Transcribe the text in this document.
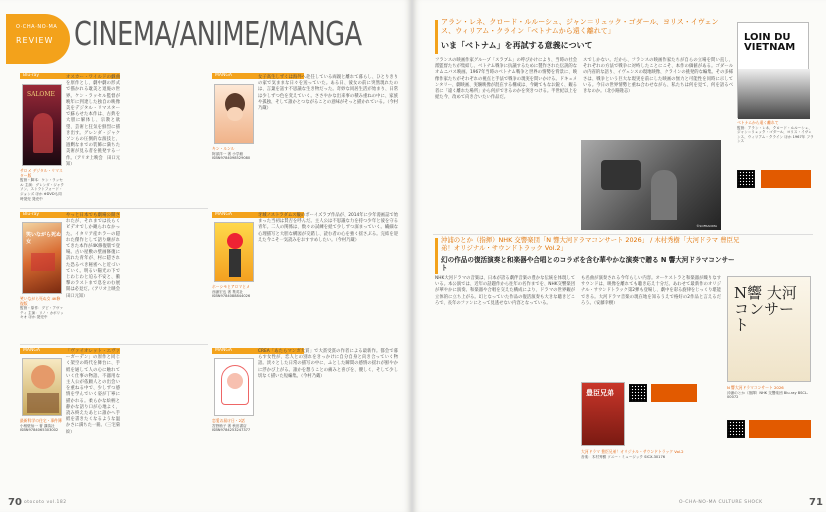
O·CHA·NO·MA
REVIEW CINEMA/ANIME/MANGA
Blu-ray
SALOME
サロメ デジタル・リマスター版
監督・脚本：ケン・ラッセル 主演：グレンダ・ジャクソン、ストラトフォード・ジョンズ ほか ※DVDも同時発売 発売中
オスカー・ワイルドの戯曲を原作とし、劇中劇の形式で描かれる耽美と退廃の世界。ケン・ラッセル監督が晩年に到達した独自の映像美をデジタル・リマスターで蘇らせた本作は、古典を大胆に解体し、宗教と欲望、芸術と狂気を鮮烈に描き出す。グレンダ・ジャクソンらの圧倒的な演技と、過剰なまでの装飾に満ちた美術が見る者を挑発する一作。（アリオ上映会　田口元知）
Blu-ray
笑いながら死ぬ女
笑いながら死ぬ女 4K修復版
監督・原作：プピ・アヴァティ 主演：リノ・カポリッキオ ほか 発売中
やっと日本でも劇場公開されたが、それまでは長らくビデオでしか観られなかった。イタリア産ホラーの隠れた傑作として語り継がれてきた本作が4K修復版で登場。古い屋敷の壁画修復に訪れた青年が、村に隠された恐るべき秘密へと近づいていく。明るい陽光の下でじわじわと迫る不安と、衝撃のラストまで息をのむ展開は必見だ。（アリオ上映会　田口元知）
MANGA
最新科学の住宅・事件簿
小相壁仙一 著 講談社 ISBN9784065303002
「ヴァイオレット・エヴァーガーデン」の原作と同じく架空の時代を舞台に、手紙を通して人の心に触れていく仕事の物語。不器用な主人公が依頼人との出会いを重ねる中で、少しずつ感情を学んでいく姿が丁寧に描かれる。柔らかな絵柄と静かな語り口が心地よく、読み終えたあとに誰かへ手紙を書きたくなるような温かさに満ちた一冊。（三宅菊絵）
MANGA
キン・ルンル
阿部洋一 著 小学館 ISBN9784098529080
女子高生しずくは海外へ赴任している両親と離れて暮らし、ひとりきりの家で気ままな日々を送っていた。ある日、彼女の前に突然現れたのは、言葉を話す不思議な生き物だった。奇妙な同居生活が始まり、日常は少しずつ色を変えていく。ささやかな出来事の積み重ねの中に、家族や孤独、そして誰かとつながることの意味がそっと描かれている。（今村乃蔵）
MANGA
ホーシモとアロマとメ
西浦宏也 著 集英社 ISBN9784088844026
牙城ノストラダムス級のボーイズラブ作品が、2014年に少年漫画誌で始まった当初は賛否を呼んだ。主人公は不思議な力を持つ少年と彼を守る青年。二人の関係は、数々の試練を経て少しずつ深まっていく。繊細な心理描写と大胆な構図が交錯し、読む者の心を強く揺さぶる。完結を迎えた今こそ一気読みをおすすめしたい。（今村乃蔵）
MANGA
恋愛お届け日・2話
宮野柚子 著 秋田書店 ISBN9784253247377
CREA「あたらマンガ大賞」で大賞受賞の作者による最新作。都会で暮らす女性が、恋人との別れをきっかけに自分自身と向き合っていく物語。淡々とした日常の描写の中に、ふとした瞬間の感情の揺れが鮮やかに浮かび上がる。誰かを想うことの痛みと喜びを、優しく、そして少し切なく描いた短編集。（今村乃蔵）
70 otocoto vol.182
アラン・レネ、クロード・ルルーシュ、ジャン＝リュック・ゴダール、ヨリス・イヴェンス、ウィリアム・クライン「ベトナムから遠く離れて」
いま「ベトナム」を再試する意義について
フランスの映画作家グループ「スラブム」の呼びかけにより、当時の社会派監督たちが集結し、ベトナム戦争に抗議するために製作された伝説的なオムニバス映画。1967年当時のベトナム戦争と世界の情勢を背景に、映像作家たちがそれぞれの視点と手法で戦争の現実を問いかける。ドキュメンタリー、劇映画、実験映像が混在する構成は、今観てもなお鋭く、観る者に「遠く離れた場所」から何ができるのかを突きつける。半世紀以上を経た今、改めて向き合いたい作品だ。
スでしかない。だから、フランスの映画作家たちが自らの立場を問い直し、それぞれの方法で戦争に対峙したことにこそ、本作の価値がある。ゴダールの内省的な語り、イヴェンスの現地映像、クラインの挑発的な編集。その多様さは、戦争という巨大な現実を前にした映画の無力と可能性を同時に示している。今日の世界情勢と重ね合わせながら、私たちは何を見て、何を語るべきなのか。（北小路隆志）
©SOFRACIMA
LOIN DU VIETNAM
ベトナムから遠く離れて
監督：アラン・レネ、クロード・ルルーシュ、ジャン＝リュック・ゴダール、ヨリス・イヴェンス、ウィリアム・クライン ほか 1967年 フランス
沖浦のとか（指揮）NHK 交響楽団「N 響大河ドラマコンサート 2026」 / 木村秀樹「大河ドラマ 豊臣兄弟！オリジナル・サウンドトラック Vol.2」
幻の作品の復活演奏と和楽器や合唱とのコラボを含む華やかな演奏で贈る N 響大河ドラマコンサート
NHK大河ドラマの音楽は、日本が誇る劇伴音楽の豊かな伝統を体現している。本公演では、近年の話題作から往年の名作までを、NHK交響楽団が華やかに演奏。和楽器や合唱を交えた構成により、ドラマの世界観が立体的に立ち上がる。幻となっていた作品の復活演奏も大きな聴きどころで、長年のファンにとって見逃せない内容となっている。
も名曲が演奏される今年らしい内容。オーケストラと和楽器が織りなすサウンドは、映像を離れても聴き応え十分だ。あわせて最新作のオリジナル・サウンドトラック第2弾も登場し、劇中を彩る旋律をじっくり堪能できる。大河ドラマ音楽の現在地を知るうえで格好の2作品と言えるだろう。（安藤幸樹）
N響 大河 コンサート
N 響大河ドラマコンサート 2026
沖浦のとか（指揮）NHK 交響楽団 Blu-ray BSCL-00072
豊臣兄弟
大河ドラマ 豊臣兄弟！オリジナル・サウンドトラック Vol.2
音楽：木村秀樹 ソニー・ミュージック SICX-30176
O-CHA-NO-MA CULTURE SHOCK	71
